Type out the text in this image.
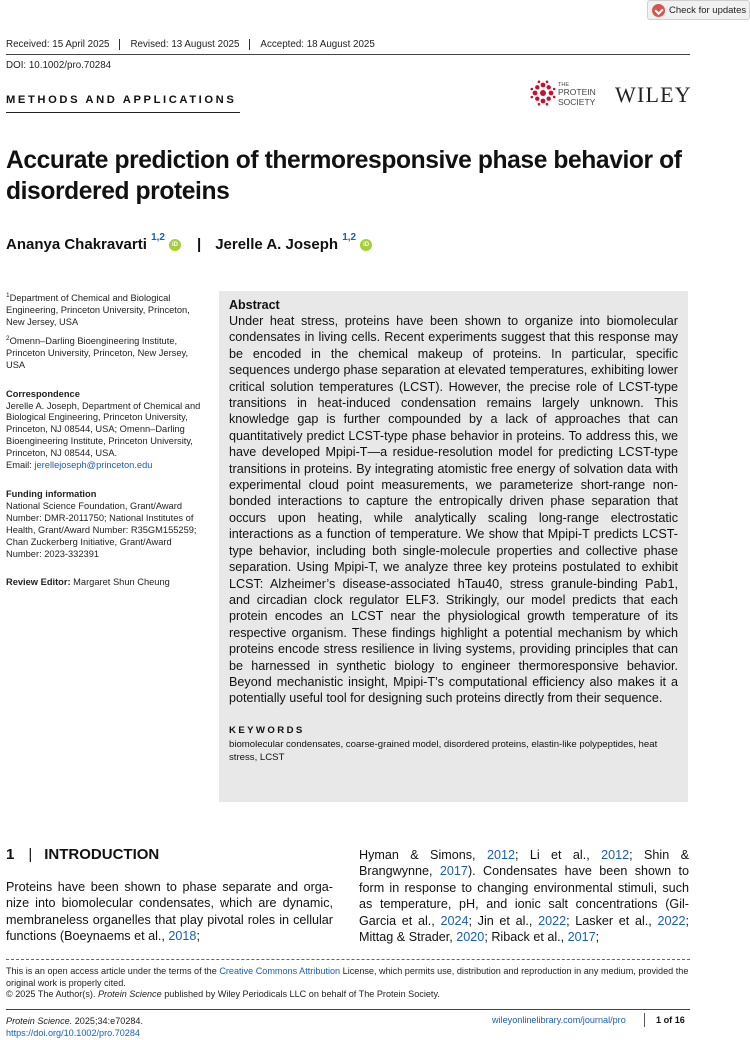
Check for updates
Received: 15 April 2025	Revised: 13 August 2025	Accepted: 18 August 2025
DOI: 10.1002/pro.70284
METHODS AND APPLICATIONS
THE
PROTEIN
SOCIETY WILEY
Accurate prediction of thermoresponsive phase behavior of disordered proteins
Ananya Chakravarti
$^{1,2}$
iD | Jerelle A. Joseph
$^{1,2}$
iD

$^1$Department of Chemical and Biological Engineering, Princeton University, Princeton, New Jersey, USA

$^2$Omenn–Darling Bioengineering Institute, Princeton University, Princeton, New Jersey, USA

Correspondence

Jerelle A. Joseph, Department of Chemical and Biological Engineering, Princeton University, Princeton, NJ 08544, USA; Omenn–Darling Bioengineering Institute, Princeton University, Princeton, NJ 08544, USA.

Email: jerellejoseph@princeton.edu

Funding information

National Science Foundation, Grant/Award Number: DMR-2011750; National Institutes of Health, Grant/Award Number: R35GM155259; Chan Zuckerberg Initiative, Grant/Award Number: 2023-332391

Review Editor: Margaret Shun Cheung

Abstract

Under heat stress, proteins have been shown to organize into biomolecular condensates in living cells. Recent experiments suggest that this response may be encoded in the chemical makeup of proteins. In particular, specific sequences undergo phase separation at elevated temperatures, exhibiting lower critical solution temperatures (LCST). However, the precise role of LCST-type transitions in heat-induced condensation remains largely unknown. This knowledge gap is further compounded by a lack of approaches that can quantitatively predict LCST-type phase behavior in proteins. To address this, we have developed Mpipi-T—a residue-resolution model for predicting LCST-type transitions in proteins. By integrating atomistic free energy of solvation data with experimental cloud point measurements, we parameterize short-range non-bonded interactions to capture the entropically driven phase separation that occurs upon heating, while analytically scaling long-range electrostatic interactions as a function of temperature. We show that Mpipi-T predicts LCST-type behavior, including both single-molecule properties and collective phase separation. Using Mpipi-T, we analyze three key proteins postulated to exhibit LCST: Alzheimer’s disease-associated hTau40, stress granule-binding Pab1, and circadian clock regulator ELF3. Strikingly, our model predicts that each protein encodes an LCST near the physiological growth temperature of its respective organism. These findings highlight a potential mechanism by which proteins encode stress resilience in living systems, providing principles that can be harnessed in synthetic biology to engineer thermoresponsive behavior. Beyond mechanistic insight, Mpipi-T’s computational efficiency also makes it a potentially useful tool for designing such proteins directly from their sequence.

KEYWORDS

biomolecular condensates, coarse-grained model, disordered proteins, elastin-like polypeptides, heat stress, LCST

1 | INTRODUCTION

Proteins have been shown to phase separate and organize into biomolecular condensates, which are dynamic, membraneless organelles that play pivotal roles in cellular functions (Boeynaems et al., 2018;

Hyman & Simons, 2012; Li et al., 2012; Shin & Brangwynne, 2017). Condensates have been shown to form in response to changing environmental stimuli, such as temperature, pH, and ionic salt concentrations (Gil-Garcia et al., 2024; Jin et al., 2022; Lasker et al., 2022; Mittag & Strader, 2020; Riback et al., 2017;

This is an open access article under the terms of the Creative Commons Attribution License, which permits use, distribution and reproduction in any medium, provided the original work is properly cited.

© 2025 The Author(s). Protein Science published by Wiley Periodicals LLC on behalf of The Protein Society.

Protein Science. 2025;34:e70284.
https://doi.org/10.1002/pro.70284
wileyonlinelibrary.com/journal/pro	1 of 16
